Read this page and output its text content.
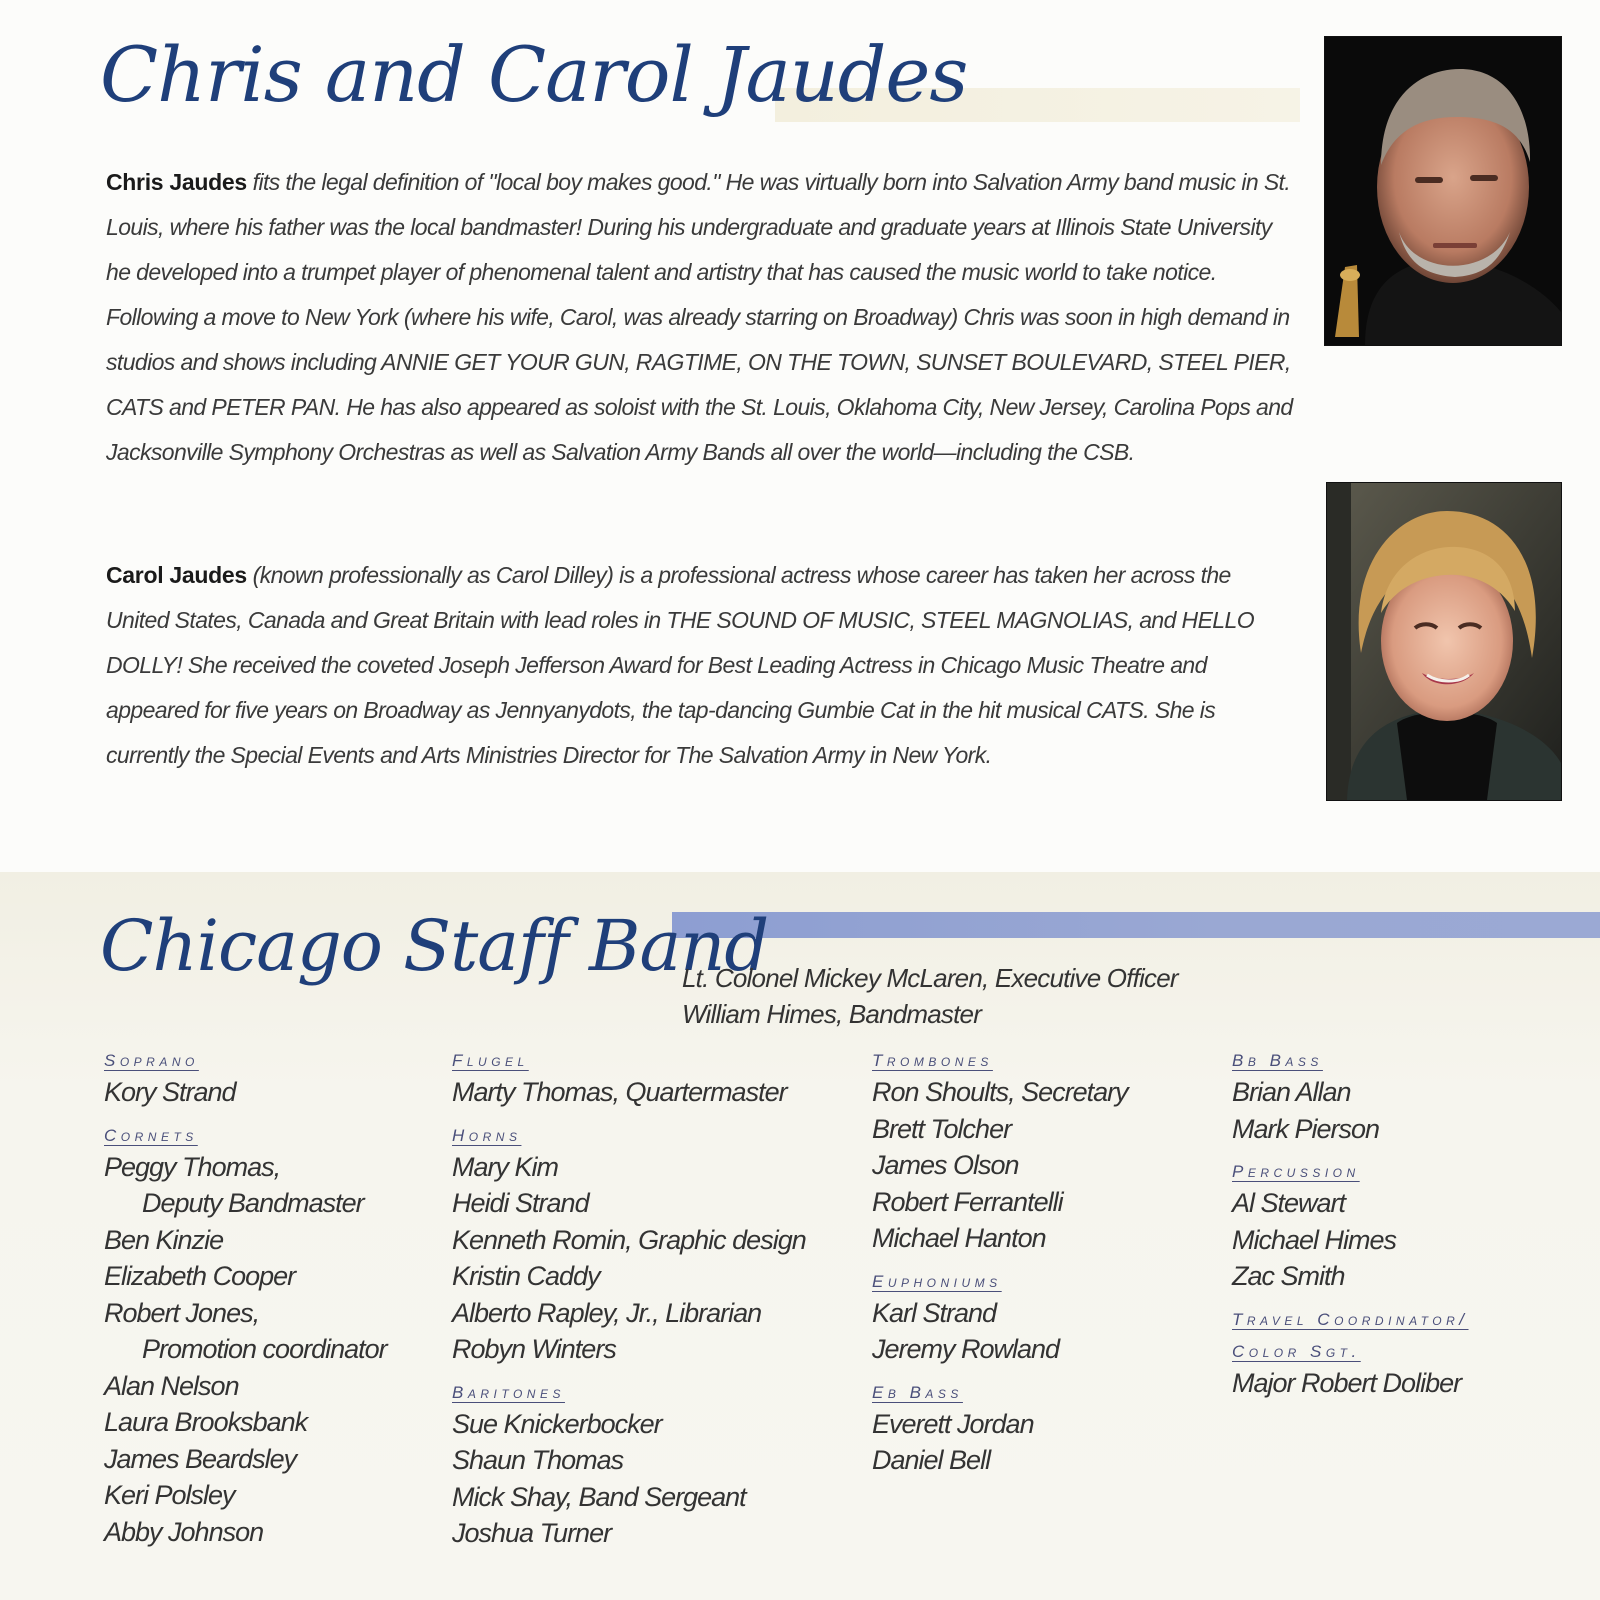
Chris and Carol Jaudes
Chris Jaudes fits the legal definition of "local boy makes good." He was virtually born into Salvation Army band music in St. Louis, where his father was the local bandmaster! During his undergraduate and graduate years at Illinois State University he developed into a trumpet player of phenomenal talent and artistry that has caused the music world to take notice. Following a move to New York (where his wife, Carol, was already starring on Broadway) Chris was soon in high demand in studios and shows including ANNIE GET YOUR GUN, RAGTIME, ON THE TOWN, SUNSET BOULEVARD, STEEL PIER, CATS and PETER PAN. He has also appeared as soloist with the St. Louis, Oklahoma City, New Jersey, Carolina Pops and Jacksonville Symphony Orchestras as well as Salvation Army Bands all over the world—including the CSB.
Carol Jaudes (known professionally as Carol Dilley) is a professional actress whose career has taken her across the United States, Canada and Great Britain with lead roles in THE SOUND OF MUSIC, STEEL MAGNOLIAS, and HELLO DOLLY! She received the coveted Joseph Jefferson Award for Best Leading Actress in Chicago Music Theatre and appeared for five years on Broadway as Jennyanydots, the tap-dancing Gumbie Cat in the hit musical CATS. She is currently the Special Events and Arts Ministries Director for The Salvation Army in New York.
Chicago Staff Band
Lt. Colonel Mickey McLaren, Executive Officer
William Himes, Bandmaster
Soprano
Kory Strand
Cornets
Peggy Thomas,
Deputy Bandmaster
Ben Kinzie
Elizabeth Cooper
Robert Jones,
Promotion coordinator
Alan Nelson
Laura Brooksbank
James Beardsley
Keri Polsley
Abby Johnson
Flugel
Marty Thomas, Quartermaster
Horns
Mary Kim
Heidi Strand
Kenneth Romin, Graphic design
Kristin Caddy
Alberto Rapley, Jr., Librarian
Robyn Winters
Baritones
Sue Knickerbocker
Shaun Thomas
Mick Shay, Band Sergeant
Joshua Turner
Trombones
Ron Shoults, Secretary
Brett Tolcher
James Olson
Robert Ferrantelli
Michael Hanton
Euphoniums
Karl Strand
Jeremy Rowland
Eb Bass
Everett Jordan
Daniel Bell
Bb Bass
Brian Allan
Mark Pierson
Percussion
Al Stewart
Michael Himes
Zac Smith
Travel Coordinator/
Color Sgt.
Major Robert Doliber
